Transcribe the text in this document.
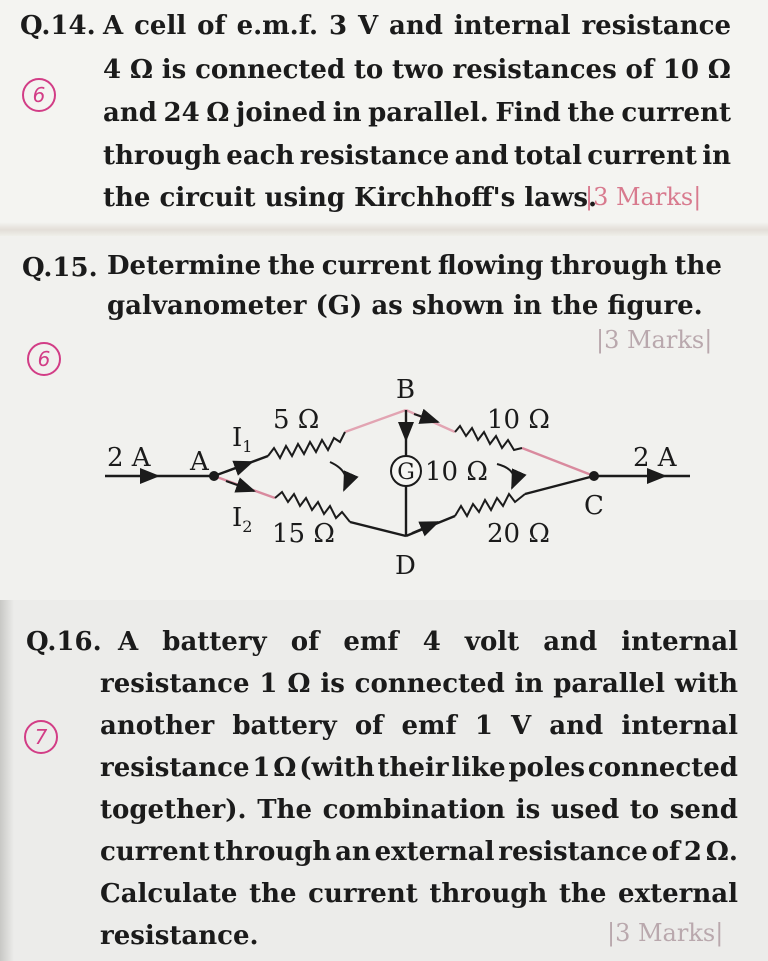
Q.14. A cell of e.m.f. 3 V and internal resistance
4 Ω is connected to two resistances of 10 Ω
and 24 Ω joined in parallel. Find the current
through each resistance and total current in
the circuit using Kirchhoff's laws.
|3 Marks|
6
Q.15. Determine the current flowing through the
galvanometer (G) as shown in the figure.
|3 Marks|
6
G
2 A A
$I_1$
5 Ω
B
10 Ω
10 Ω	2 A
C
$I_2$ 15 Ω	20 Ω
D
Q.16. A battery of emf 4 volt and internal
resistance 1 Ω is connected in parallel with
another battery of emf 1 V and internal
resistance 1 Ω (with their like poles connected
together). The combination is used to send
current through an external resistance of 2 Ω.
Calculate the current through the external
resistance.	|3 Marks|
7
